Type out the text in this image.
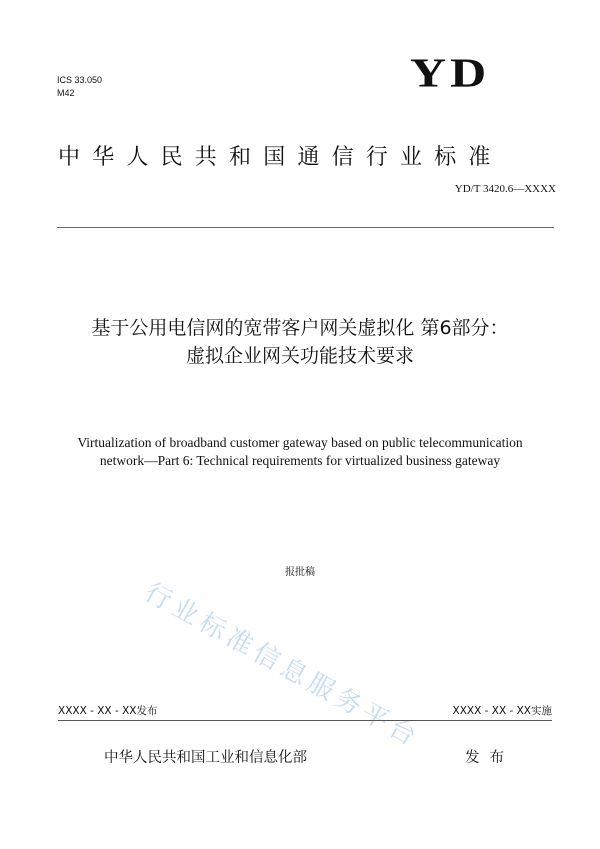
ICS 33.050
M42	YD
中华人民共和国通信行业标准
YD/T 3420.6—XXXX
基于公用电信网的宽带客户网关虚拟化 第6部分：
虚拟企业网关功能技术要求
Virtualization of broadband customer gateway based on public telecommunication
network—Part 6: Technical requirements for virtualized business gateway
行业标准信息服务平台
报批稿
XXXX - XX - XX发布	XXXX - XX - XX实施
中华人民共和国工业和信息化部	发布
